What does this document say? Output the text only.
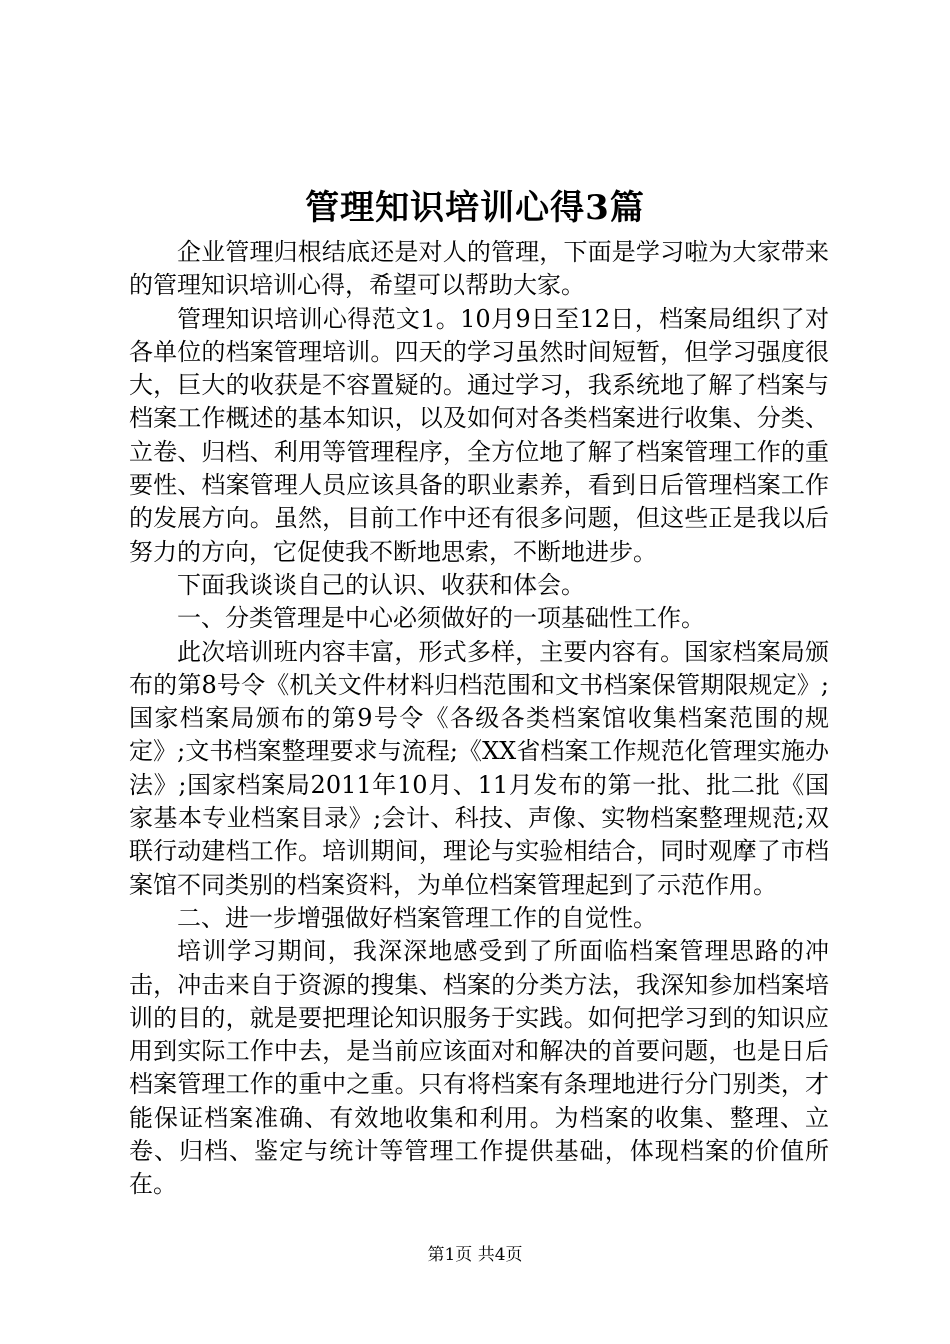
管理知识培训心得3篇

企业管理归根结底还是对人的管理，下面是学习啦为大家带来的管理知识培训心得，希望可以帮助大家。

管理知识培训心得范文1。10月9日至12日，档案局组织了对各单位的档案管理培训。四天的学习虽然时间短暂，但学习强度很大，巨大的收获是不容置疑的。通过学习，我系统地了解了档案与档案工作概述的基本知识，以及如何对各类档案进行收集、分类、立卷、归档、利用等管理程序，全方位地了解了档案管理工作的重要性、档案管理人员应该具备的职业素养，看到日后管理档案工作的发展方向。虽然，目前工作中还有很多问题，但这些正是我以后努力的方向，它促使我不断地思索，不断地进步。

下面我谈谈自己的认识、收获和体会。

一、分类管理是中心必须做好的一项基础性工作。

此次培训班内容丰富，形式多样，主要内容有。国家档案局颁布的第8号令《机关文件材料归档范围和文书档案保管期限规定》;国家档案局颁布的第9号令《各级各类档案馆收集档案范围的规定》;文书档案整理要求与流程;《XX省档案工作规范化管理实施办法》;国家档案局2011年10月、11月发布的第一批、批二批《国家基本专业档案目录》;会计、科技、声像、实物档案整理规范;双联行动建档工作。培训期间，理论与实验相结合，同时观摩了市档案馆不同类别的档案资料，为单位档案管理起到了示范作用。

二、进一步增强做好档案管理工作的自觉性。

培训学习期间，我深深地感受到了所面临档案管理思路的冲击，冲击来自于资源的搜集、档案的分类方法，我深知参加档案培训的目的，就是要把理论知识服务于实践。如何把学习到的知识应用到实际工作中去，是当前应该面对和解决的首要问题，也是日后档案管理工作的重中之重。只有将档案有条理地进行分门别类，才能保证档案准确、有效地收集和利用。为档案的收集、整理、立卷、归档、鉴定与统计等管理工作提供基础，体现档案的价值所在。

第1页 共4页
